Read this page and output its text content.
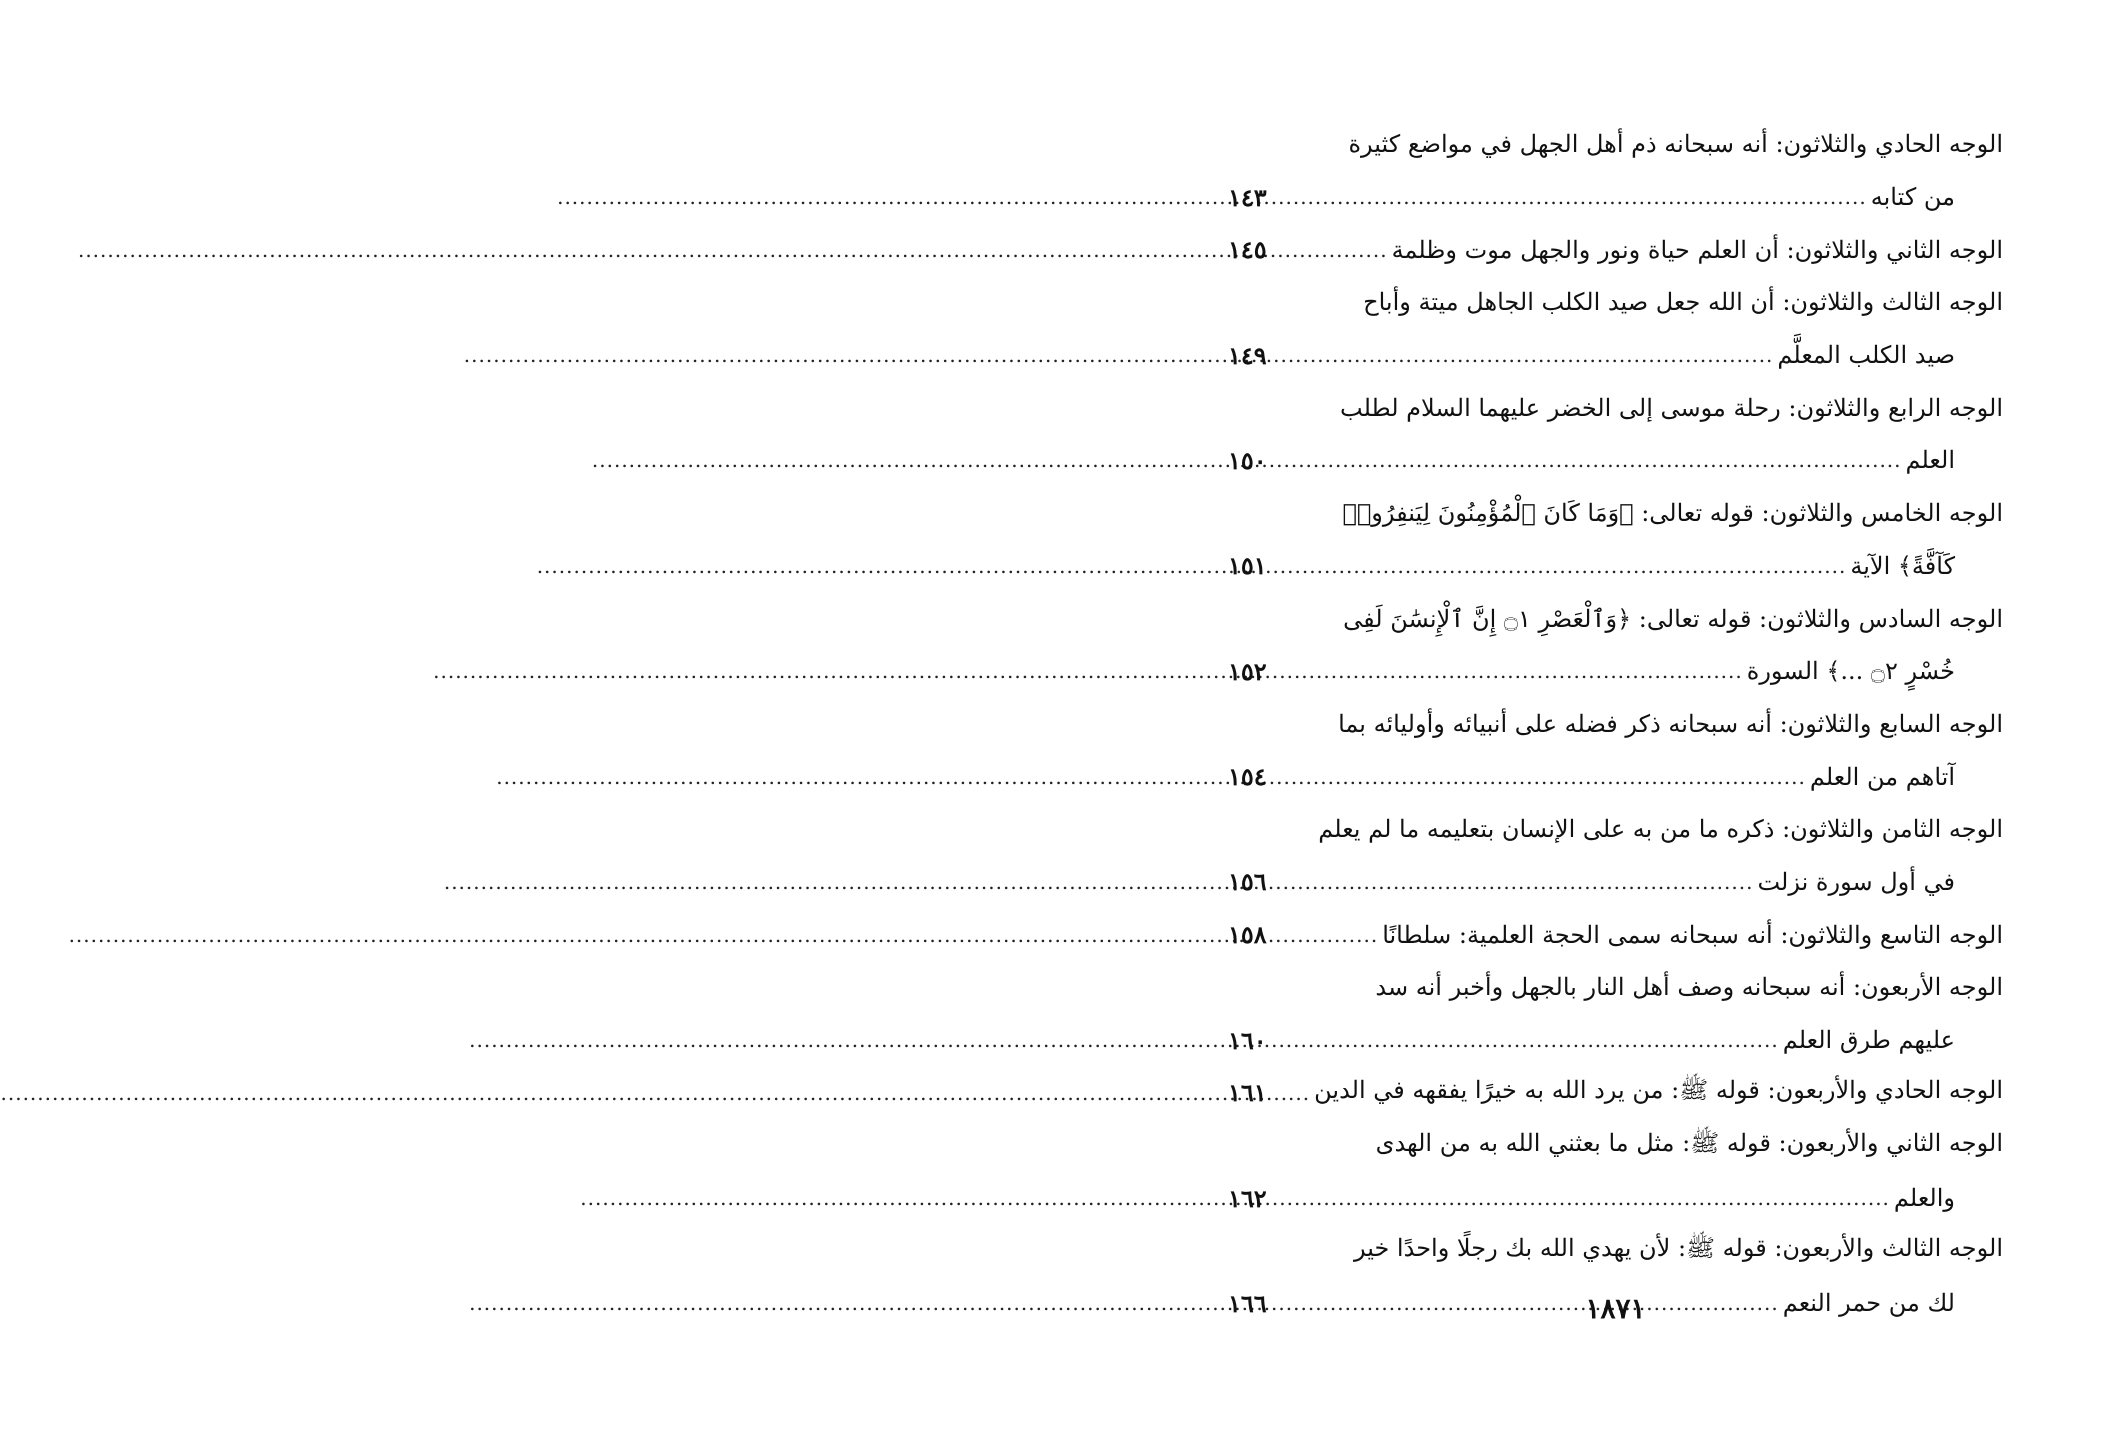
الوجه الحادي والثلاثون: أنه سبحانه ذم أهل الجهل في مواضع كثيرة
من كتابه
.....
١٤٣
الوجه الثاني والثلاثون: أن العلم حياة ونور والجهل موت وظلمة
.....
١٤٥
الوجه الثالث والثلاثون: أن الله جعل صيد الكلب الجاهل ميتة وأباح
صيد الكلب المعلَّم
.....
١٤٩
الوجه الرابع والثلاثون: رحلة موسى إلى الخضر عليهما السلام لطلب
العلم
.....
١٥٠
الوجه الخامس والثلاثون: قوله تعالى: ﴿وَمَا كَانَ ٱلْمُؤْمِنُونَ لِيَنفِرُوا۟
كَآفَّةً﴾ الآية
.....
١٥١
الوجه السادس والثلاثون: قوله تعالى: ﴿وَٱلْعَصْرِ ۝١ إِنَّ ٱلْإِنسَٰنَ لَفِى
خُسْرٍ ۝٢ ...﴾ السورة
.....
١٥٢
الوجه السابع والثلاثون: أنه سبحانه ذكر فضله على أنبيائه وأوليائه بما
آتاهم من العلم
.....
١٥٤
الوجه الثامن والثلاثون: ذكره ما من به على الإنسان بتعليمه ما لم يعلم
في أول سورة نزلت
.....
١٥٦
الوجه التاسع والثلاثون: أنه سبحانه سمى الحجة العلمية: سلطانًا
.....
١٥٨
الوجه الأربعون: أنه سبحانه وصف أهل النار بالجهل وأخبر أنه سد
عليهم طرق العلم
.....
١٦٠
الوجه الحادي والأربعون: قوله ﷺ: من يرد الله به خيرًا يفقهه في الدين
.....
١٦١
الوجه الثاني والأربعون: قوله ﷺ: مثل ما بعثني الله به من الهدى
والعلم
.....
١٦٢
الوجه الثالث والأربعون: قوله ﷺ: لأن يهدي الله بك رجلًا واحدًا خير
لك من حمر النعم
.....
١٦٦	١٨٧١
